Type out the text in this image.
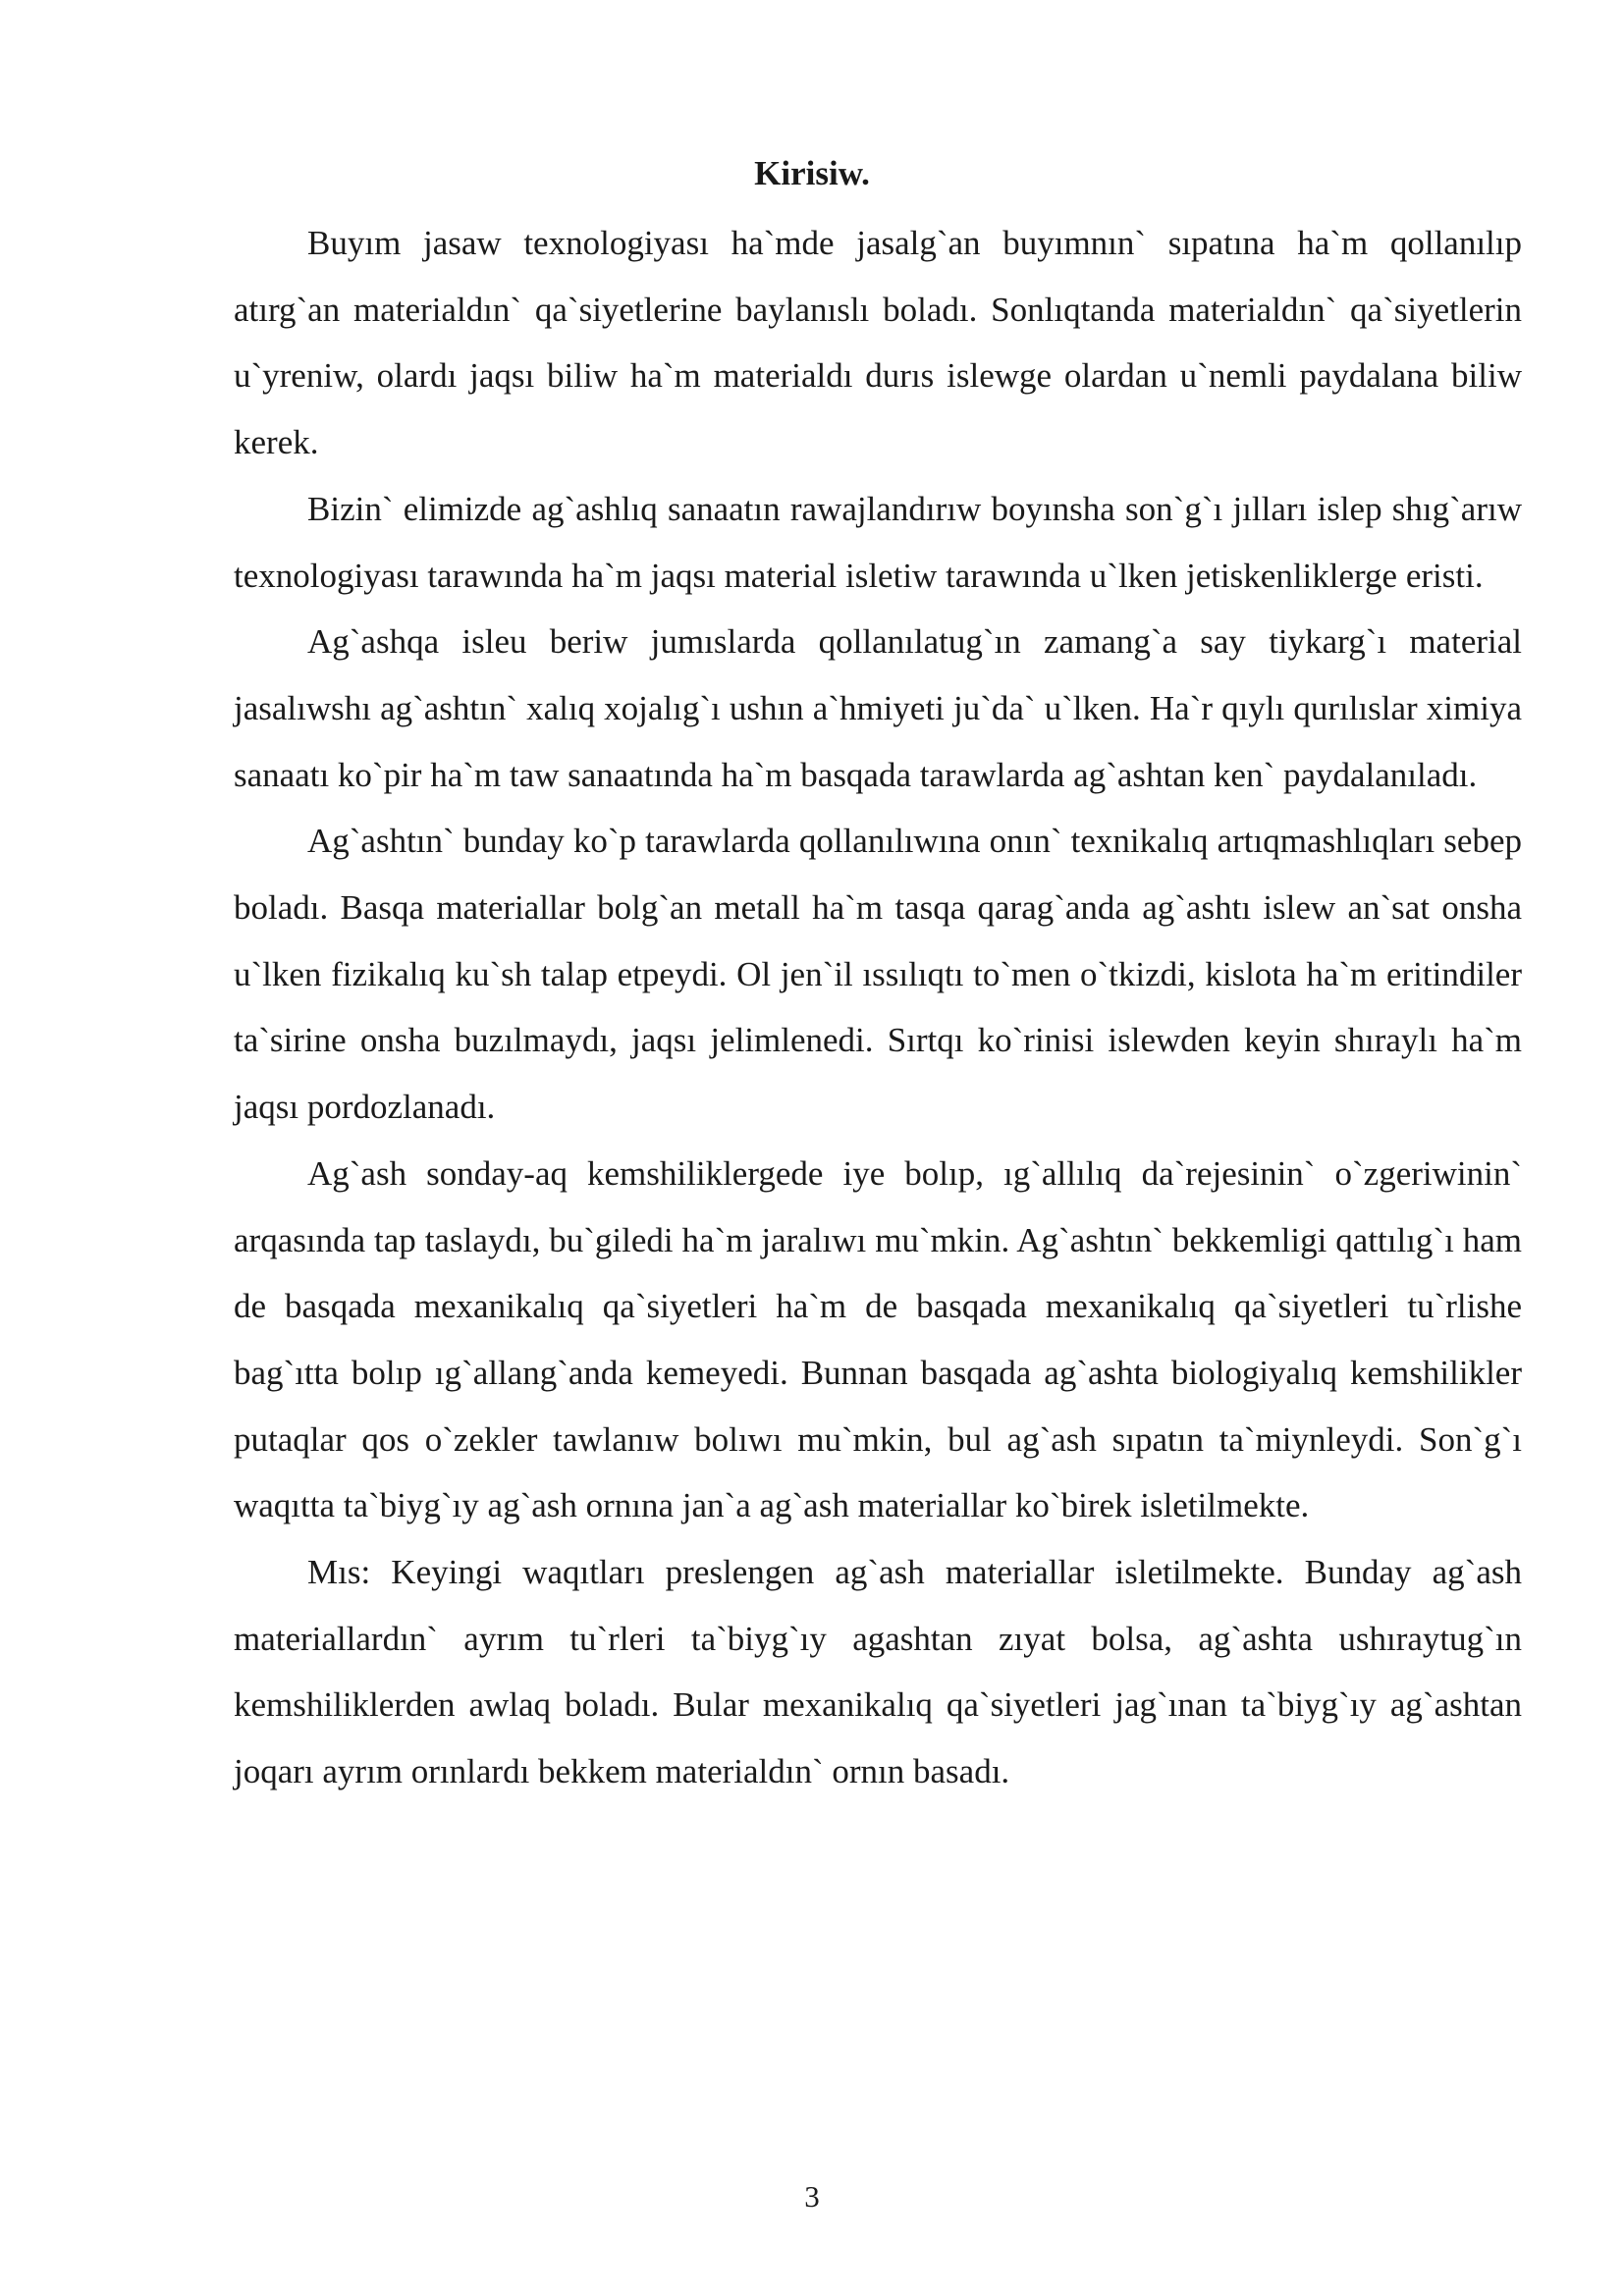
Kirisiw.

Buyım jasaw texnologiyası ha`mde jasalg`an buyımnın` sıpatına ha`m qollanılıp atırg`an materialdın` qa`siyetlerine baylanıslı boladı. Sonlıqtanda materialdın` qa`siyetlerin u`yreniw, olardı jaqsı biliw ha`m materialdı durıs islewge olardan u`nemli paydalana biliw kerek.

Bizin` elimizde ag`ashlıq sanaatın rawajlandırıw boyınsha son`g`ı jılları islep shıg`arıw texnologiyası tarawında ha`m jaqsı material isletiw tarawında u`lken jetiskenliklerge eristi.

Ag`ashqa isleu beriw jumıslarda qollanılatug`ın zamang`a say tiykarg`ı material jasalıwshı ag`ashtın` xalıq xojalıg`ı ushın a`hmiyeti ju`da` u`lken. Ha`r qıylı qurılıslar ximiya sanaatı ko`pir ha`m taw sanaatında ha`m basqada tarawlarda ag`ashtan ken` paydalanıladı.

Ag`ashtın` bunday ko`p tarawlarda qollanılıwına onın` texnikalıq artıqmashlıqları sebep boladı. Basqa materiallar bolg`an metall ha`m tasqa qarag`anda ag`ashtı islew an`sat onsha u`lken fizikalıq ku`sh talap etpeydi. Ol jen`il ıssılıqtı to`men o`tkizdi, kislota ha`m eritindiler ta`sirine onsha buzılmaydı, jaqsı jelimlenedi. Sırtqı ko`rinisi islewden keyin shıraylı ha`m jaqsı pordozlanadı.

Ag`ash sonday-aq kemshiliklergede iye bolıp, ıg`allılıq da`rejesinin` o`zgeriwinin` arqasında tap taslaydı, bu`giledi ha`m jaralıwı mu`mkin. Ag`ashtın` bekkemligi qattılıg`ı ham de basqada mexanikalıq qa`siyetleri ha`m de basqada mexanikalıq qa`siyetleri tu`rlishe bag`ıtta bolıp ıg`allang`anda kemeyedi. Bunnan basqada ag`ashta biologiyalıq kemshilikler putaqlar qos o`zekler tawlanıw bolıwı mu`mkin, bul ag`ash sıpatın ta`miynleydi. Son`g`ı waqıtta ta`biyg`ıy ag`ash ornına jan`a ag`ash materiallar ko`birek isletilmekte.

Mıs: Keyingi waqıtları preslengen ag`ash materiallar isletilmekte. Bunday ag`ash materiallardın` ayrım tu`rleri ta`biyg`ıy agashtan zıyat bolsa, ag`ashta ushıraytug`ın kemshiliklerden awlaq boladı. Bular mexanikalıq qa`siyetleri jag`ınan ta`biyg`ıy ag`ashtan joqarı ayrım orınlardı bekkem materialdın` ornın basadı.

3
